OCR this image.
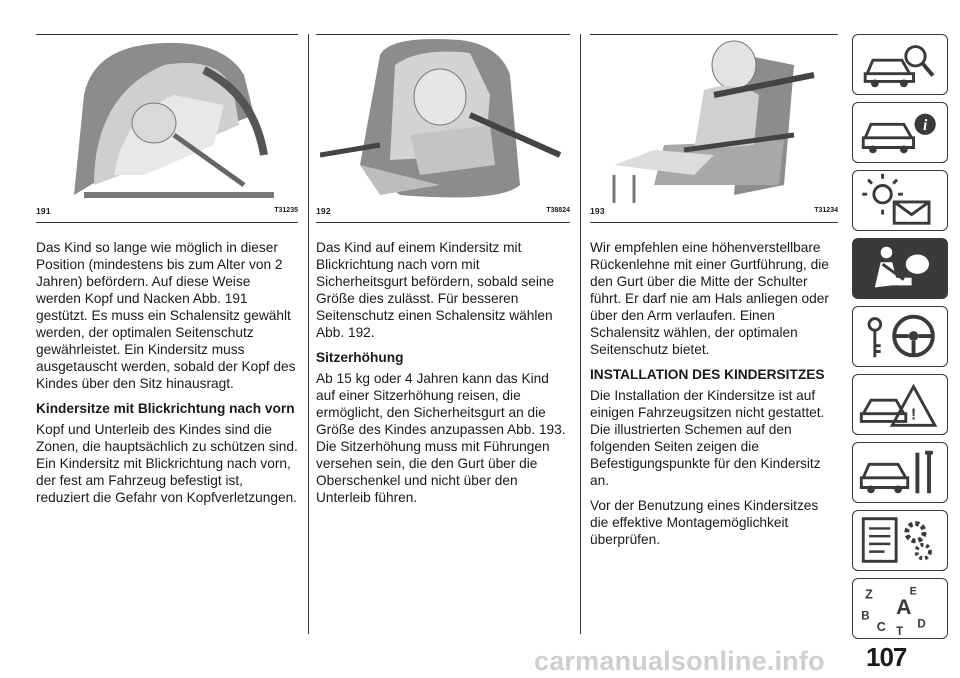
191	T31235

Das Kind so lange wie möglich in dieser Position (mindestens bis zum Alter von 2 Jahren) befördern. Auf diese Weise werden Kopf und Nacken Abb. 191 gestützt. Es muss ein Schalensitz gewählt werden, der optimalen Seitenschutz gewährleistet. Ein Kindersitz muss ausgetauscht werden, sobald der Kopf des Kindes über den Sitz hinausragt.

Kindersitze mit Blickrichtung nach vorn

Kopf und Unterleib des Kindes sind die Zonen, die hauptsächlich zu schützen sind. Ein Kindersitz mit Blickrichtung nach vorn, der fest am Fahrzeug befestigt ist, reduziert die Gefahr von Kopfverletzungen.

192	T38824

Das Kind auf einem Kindersitz mit Blickrichtung nach vorn mit Sicherheitsgurt befördern, sobald seine Größe dies zulässt. Für besseren Seitenschutz einen Schalensitz wählen Abb. 192.

Sitzerhöhung

Ab 15 kg oder 4 Jahren kann das Kind auf einer Sitzerhöhung reisen, die ermöglicht, den Sicherheitsgurt an die Größe des Kindes anzupassen Abb. 193. Die Sitzerhöhung muss mit Führungen versehen sein, die den Gurt über die Oberschenkel und nicht über den Unterleib führen.

193	T31234

Wir empfehlen eine höhenverstellbare Rückenlehne mit einer Gurtführung, die den Gurt über die Mitte der Schulter führt. Er darf nie am Hals anliegen oder über den Arm verlaufen. Einen Schalensitz wählen, der optimalen Seitenschutz bietet.

INSTALLATION DES KINDERSITZES

Die Installation der Kindersitze ist auf einigen Fahrzeugsitzen nicht gestattet. Die illustrierten Schemen auf den folgenden Seiten zeigen die Befestigungspunkte für den Kindersitz an.

Vor der Benutzung eines Kindersitzes die effektive Montagemöglichkeit überprüfen.

i
!
Z	E
A
B
C	D
T
carmanualsonline.info 107
